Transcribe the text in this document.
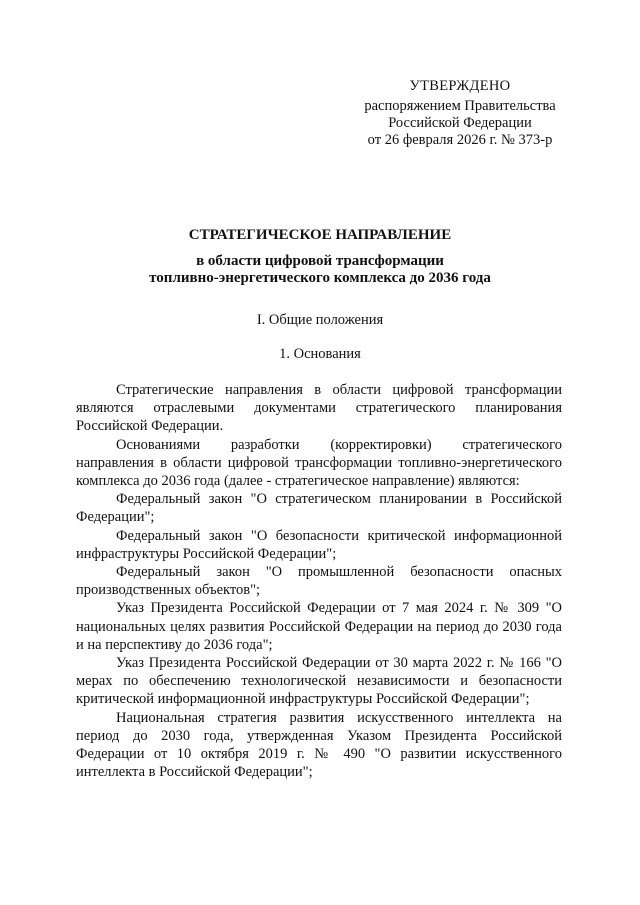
УТВЕРЖДЕНО
распоряжением Правительства
Российской Федерации
от 26 февраля 2026 г. № 373-р
СТРАТЕГИЧЕСКОЕ НАПРАВЛЕНИЕ
в области цифровой трансформации
топливно-энергетического комплекса до 2036 года
I. Общие положения
1. Основания

Стратегические направления в области цифровой трансформации являются отраслевыми документами стратегического планирования Российской Федерации.

Основаниями разработки (корректировки) стратегического направления в области цифровой трансформации топливно-энергетического комплекса до 2036 года (далее - стратегическое направление) являются:

Федеральный закон "О стратегическом планировании в Российской Федерации";

Федеральный закон "О безопасности критической информационной инфраструктуры Российской Федерации";

Федеральный закон "О промышленной безопасности опасных производственных объектов";

Указ Президента Российской Федерации от 7 мая 2024 г. № 309 "О национальных целях развития Российской Федерации на период до 2030 года и на перспективу до 2036 года";

Указ Президента Российской Федерации от 30 марта 2022 г. № 166 "О мерах по обеспечению технологической независимости и безопасности критической информационной инфраструктуры Российской Федерации";

Национальная стратегия развития искусственного интеллекта на период до 2030 года, утвержденная Указом Президента Российской Федерации от 10 октября 2019 г. № 490 "О развитии искусственного интеллекта в Российской Федерации";
